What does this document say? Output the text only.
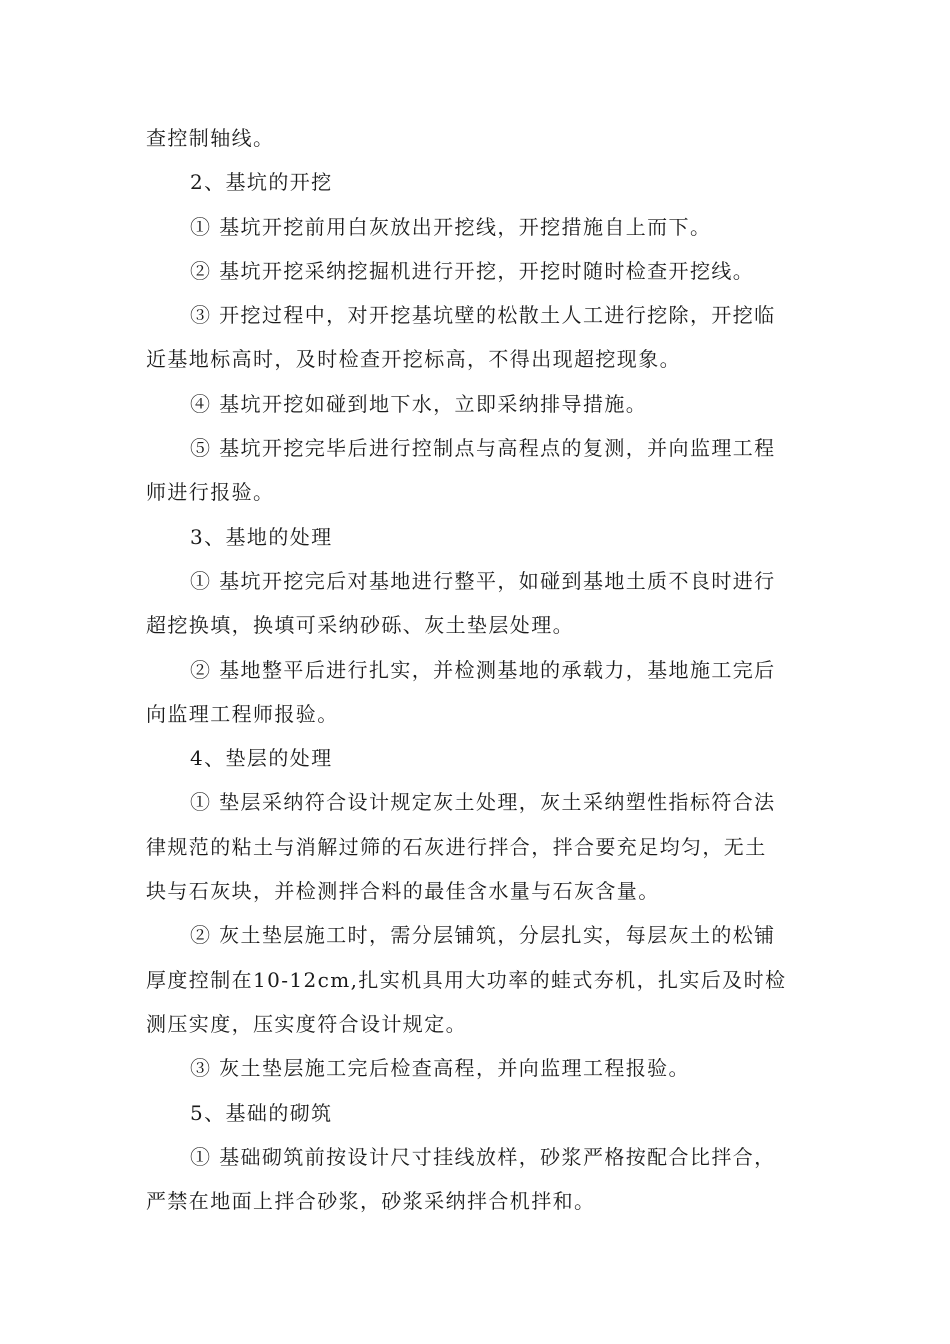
查控制轴线。
2、基坑的开挖
① 基坑开挖前用白灰放出开挖线，开挖措施自上而下。
② 基坑开挖采纳挖掘机进行开挖，开挖时随时检查开挖线。
③ 开挖过程中，对开挖基坑壁的松散土人工进行挖除，开挖临
近基地标高时，及时检查开挖标高，不得出现超挖现象。
④ 基坑开挖如碰到地下水，立即采纳排导措施。
⑤ 基坑开挖完毕后进行控制点与高程点的复测，并向监理工程
师进行报验。
3、基地的处理
① 基坑开挖完后对基地进行整平，如碰到基地土质不良时进行
超挖换填，换填可采纳砂砾、灰土垫层处理。
② 基地整平后进行扎实，并检测基地的承载力，基地施工完后
向监理工程师报验。
4、垫层的处理
① 垫层采纳符合设计规定灰土处理，灰土采纳塑性指标符合法
律规范的粘土与消解过筛的石灰进行拌合，拌合要充足均匀，无土
块与石灰块，并检测拌合料的最佳含水量与石灰含量。
② 灰土垫层施工时，需分层铺筑，分层扎实，每层灰土的松铺
厚度控制在10-12cm,扎实机具用大功率的蛙式夯机，扎实后及时检
测压实度，压实度符合设计规定。
③ 灰土垫层施工完后检查高程，并向监理工程报验。
5、基础的砌筑
① 基础砌筑前按设计尺寸挂线放样，砂浆严格按配合比拌合，
严禁在地面上拌合砂浆，砂浆采纳拌合机拌和。
